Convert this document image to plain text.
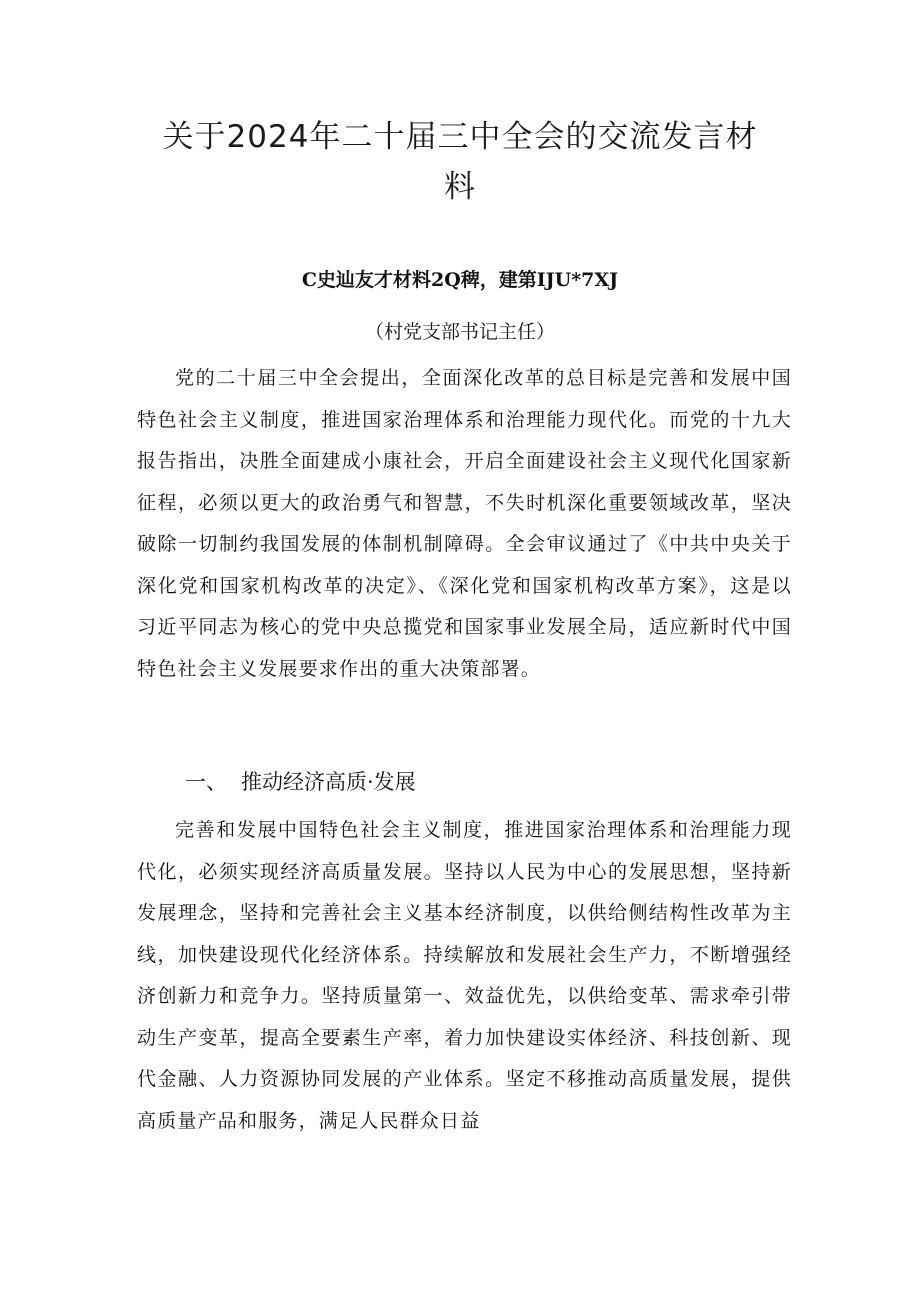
关于2024年二十届三中全会的交流发言材料
C史辿友才材料2Q稗，建第IJU*7XJ
（村党支部书记主任）

党的二十届三中全会提出，全面深化改革的总目标是完善和发展中国特色社会主义制度，推进国家治理体系和治理能力现代化。而党的十九大报告指出，决胜全面建成小康社会，开启全面建设社会主义现代化国家新征程，必须以更大的政治勇气和智慧，不失时机深化重要领域改革，坚决破除一切制约我国发展的体制机制障碍。全会审议通过了《中共中央关于深化党和国家机构改革的决定》、《深化党和国家机构改革方案》，这是以习近平同志为核心的党中央总揽党和国家事业发展全局，适应新时代中国特色社会主义发展要求作出的重大决策部署。

一、 推动经济高质·发展

完善和发展中国特色社会主义制度，推进国家治理体系和治理能力现代化，必须实现经济高质量发展。坚持以人民为中心的发展思想，坚持新发展理念，坚持和完善社会主义基本经济制度，以供给侧结构性改革为主线，加快建设现代化经济体系。持续解放和发展社会生产力，不断增强经济创新力和竞争力。坚持质量第一、效益优先，以供给变革、需求牵引带动生产变革，提高全要素生产率，着力加快建设实体经济、科技创新、现代金融、人力资源协同发展的产业体系。坚定不移推动高质量发展，提供高质量产品和服务，满足人民群众日益
